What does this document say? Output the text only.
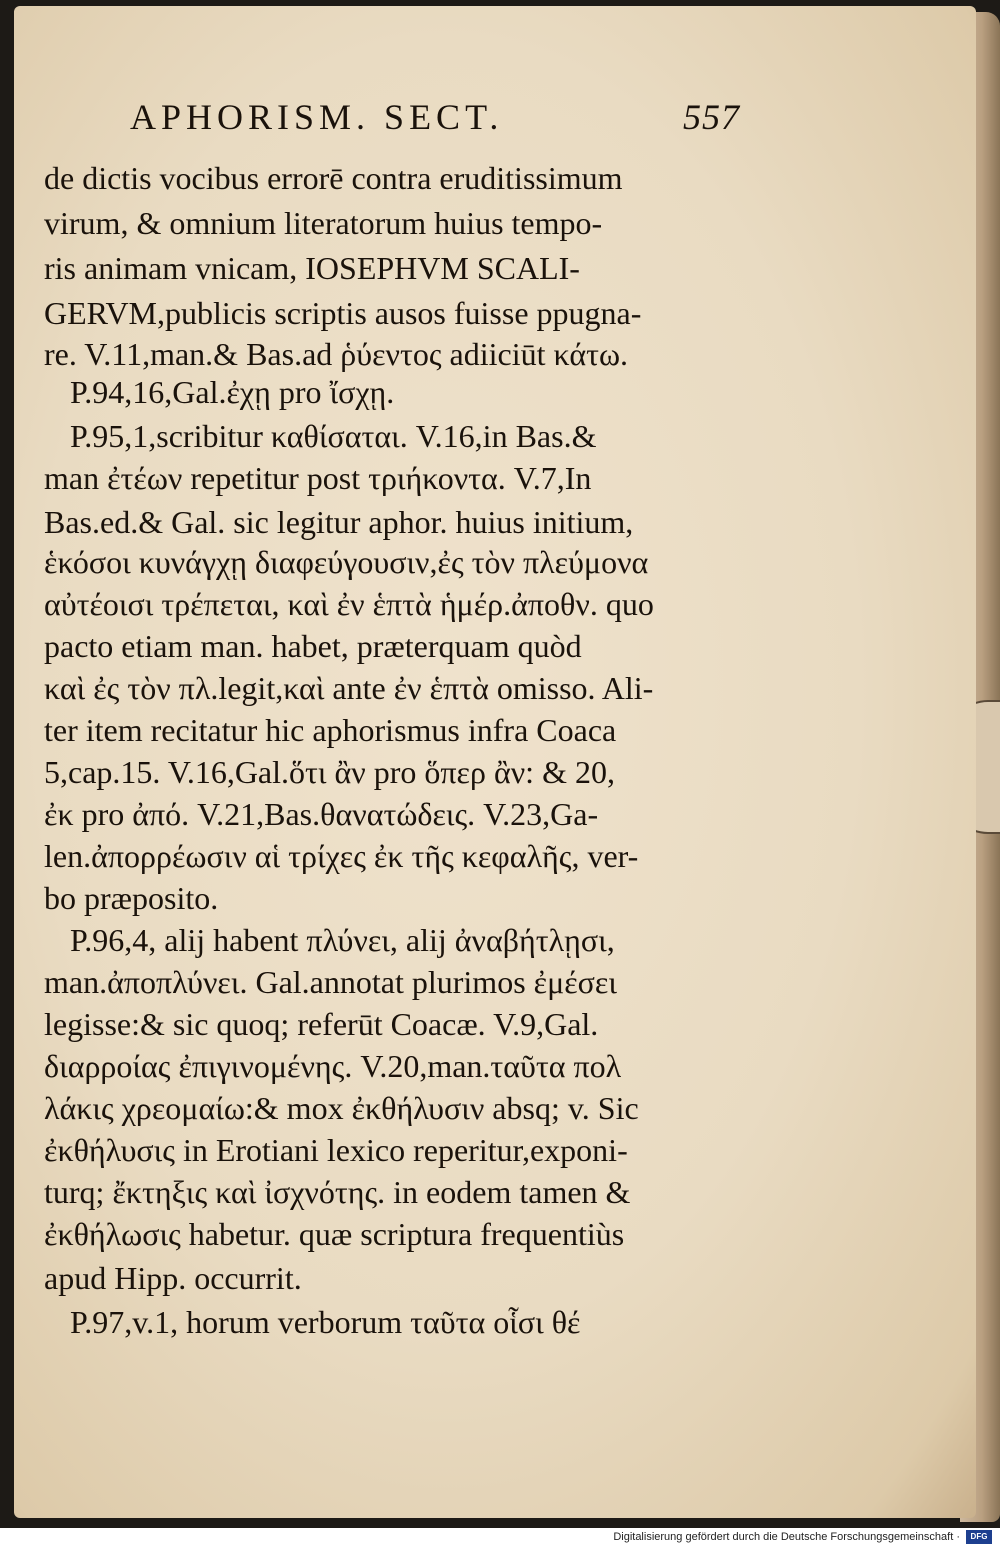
APHORISM. SECT.	557
de dictis vocibus errorē contra eruditissimum
virum, & omnium literatorum huius tempo-
ris animam vnicam, IOSEPHVM SCALI-
GERVM,publicis scriptis ausos fuisse ppugna-
re. V.11,man.& Bas.ad ῥύεντος adiiciūt κάτω.
P.94,16,Gal.ἐχῃ pro ἴσχῃ.
P.95,1,scribitur καθίσαται. V.16,in Bas.&
man ἐτέων repetitur post τριήκοντα. V.7,In
Bas.ed.& Gal. sic legitur aphor. huius initium,
ἑκόσοι κυνάγχῃ διαφεύγουσιν,ἐς τὸν πλεύμονα
αὐτέοισι τρέπεται, καὶ ἐν ἑπτὰ ἡμέρ.ἀποθν. quo
pacto etiam man. habet, præterquam quòd
καὶ ἐς τὸν πλ.legit,καὶ ante ἐν ἑπτὰ omisso. Ali-
ter item recitatur hic aphorismus infra Coaca
5,cap.15. V.16,Gal.ὅτι ἂν pro ὅπερ ἂν: & 20,
ἐκ pro ἀπό. V.21,Bas.θανατώδεις. V.23,Ga-
len.ἀπορρέωσιν αἱ τρίχες ἐκ τῆς κεφαλῆς, ver-
bo præposito.
P.96,4, alij habent πλύνει, alij ἀναβήτλῃσι,
man.ἀποπλύνει. Gal.annotat plurimos ἐμέσει
legisse:& sic quoq; referūt Coacæ. V.9,Gal.
διαρροίας ἐπιγινομένης. V.20,man.ταῦτα πολ
λάκις χρεομαίω:& mox ἐκθήλυσιν absq; v. Sic
ἐκθήλυσις in Erotiani lexico reperitur,exponi-
turq; ἔκτηξις καὶ ἰσχνότης. in eodem tamen &
ἐκθήλωσις habetur. quæ scriptura frequentiùs
apud Hipp. occurrit.
P.97,v.1, horum verborum ταῦτα οἷσι θέ
Digitalisierung gefördert durch die Deutsche Forschungsgemeinschaft ·	DFG
